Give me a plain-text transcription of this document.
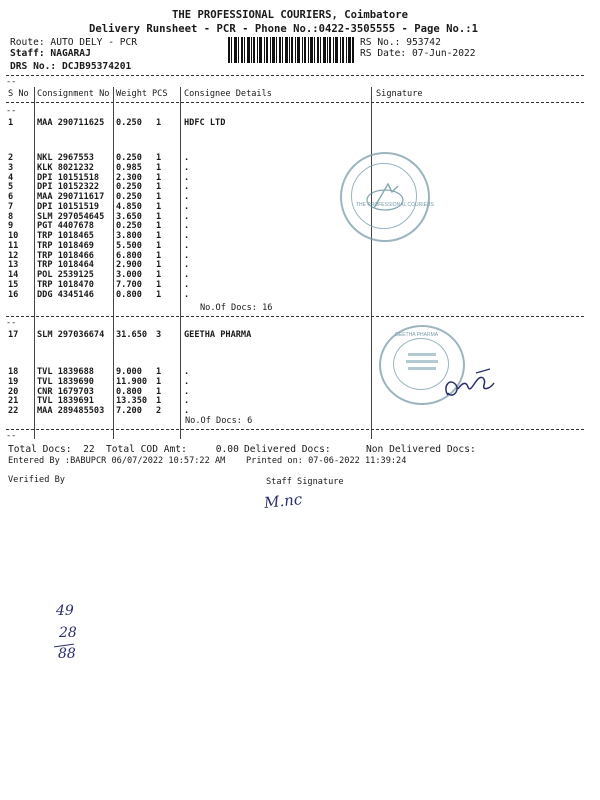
THE PROFESSIONAL COURIERS, Coimbatore
Delivery Runsheet - PCR - Phone No.:0422-3505555 - Page No.:1
Route: AUTO DELY - PCR
Staff: NAGARAJ
DRS No.: DCJB95374201
RS No.: 953742
RS Date: 07-Jun-2022
--
S No Consignment No Weight PCS Consignee Details	Signature
--
1	MAA 290711625 0.250 1	HDFC LTD
2	NKL 2967553	0.250 1	.
3	KLK 8021232	0.985 1	.
4	DPI 10151518 2.300 1	.
5	DPI 10152322 0.250 1	.
6	MAA 290711617 0.250 1	.
7	DPI 10151519 4.850 1	.
8	SLM 297054645 3.650 1	.
9	PGT 4407678	0.250 1	.
10 TRP 1018465	3.800 1	.
11 TRP 1018469	5.500 1	.
12 TRP 1018466	6.800 1	.
13 TRP 1018464	2.900 1	.
14 POL 2539125	3.000 1	.
15 TRP 1018470	7.700 1	.
16 DDG 4345146	0.800 1	.
No.Of Docs: 16
--
17 SLM 297036674 31.650 3	GEETHA PHARMA
18 TVL 1839688	9.000 1	.
19 TVL 1839690	11.900 1	.
20 CNR 1679703	0.800 1	.
21 TVL 1839691	13.350 1	.
22 MAA 289485503 7.200 2	.
No.Of Docs: 6
--
Total Docs:  22 Total COD Amt:     0.00 Delivered Docs:	Non Delivered Docs:
Entered By :BABUPCR 06/07/2022 10:57:22 AM Printed on: 07-06-2022 11:39:24
Verified By	Staff Signature
M.nc
49
28
88
THE PROFESSIONAL COURIERS
GEETHA PHARMA
